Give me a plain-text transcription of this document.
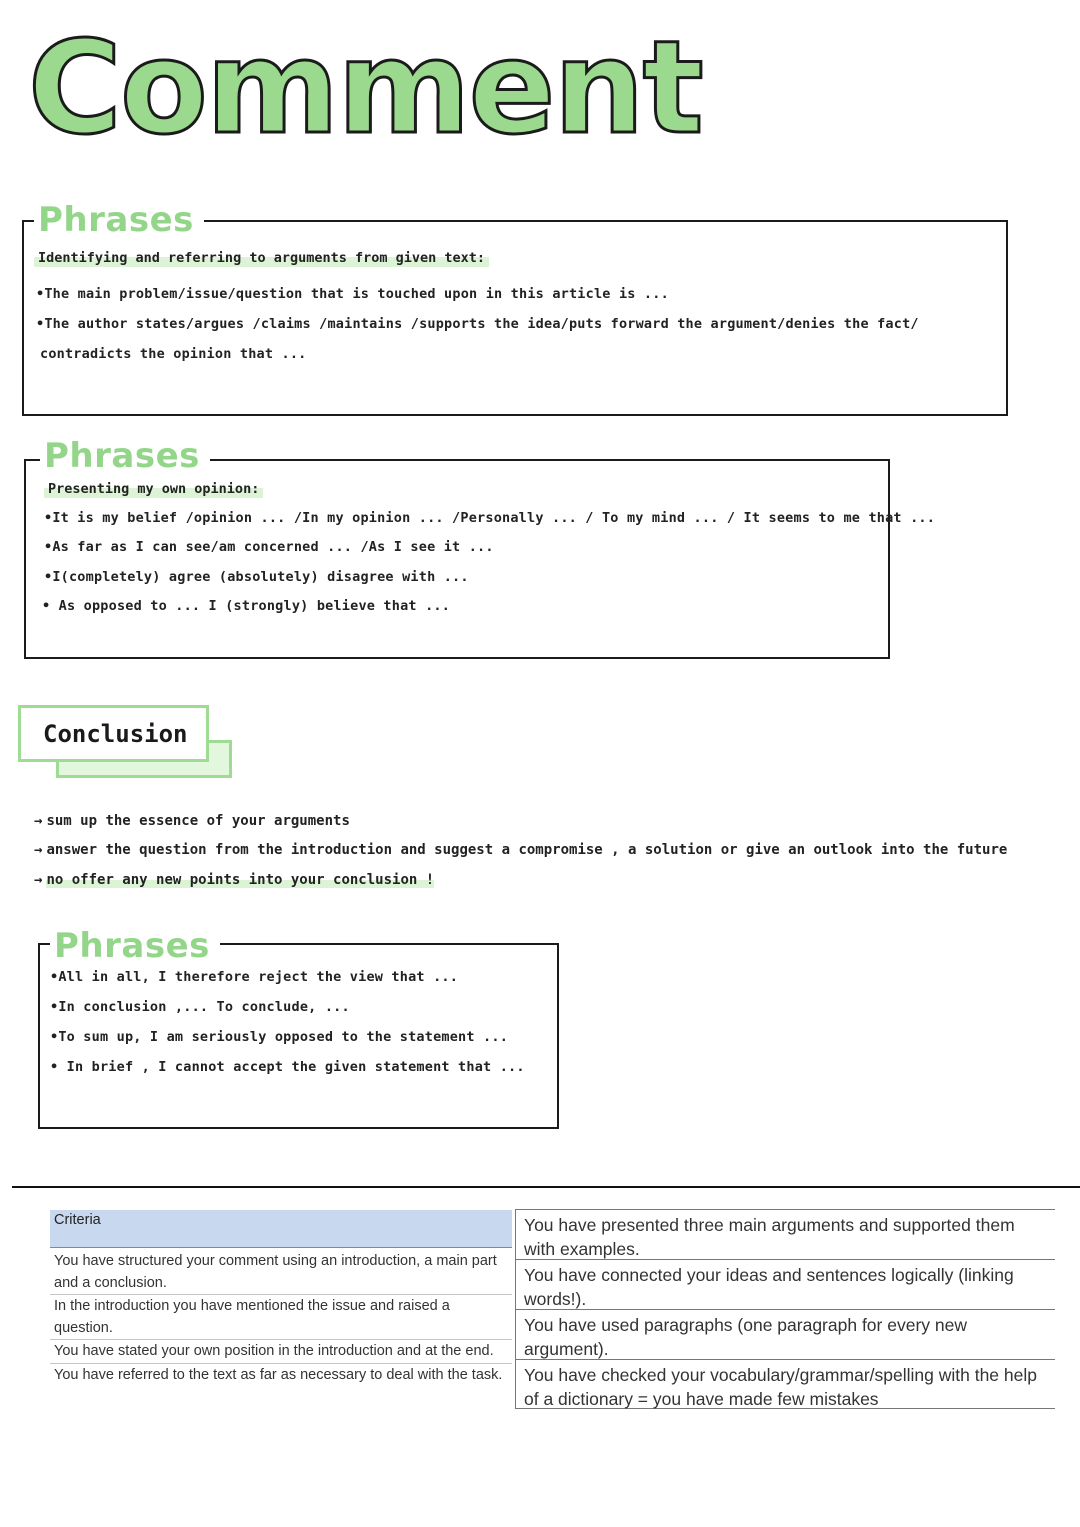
Comment
Phrases
Identifying and referring to arguments from given text:
•The main problem/issue/question that is touched upon in this article is ...
•The author states/argues /claims /maintains /supports the idea/puts forward the argument/denies the fact/
contradicts the opinion that ...
Phrases
Presenting my own opinion:
•It is my belief /opinion ... /In my opinion ... /Personally ... / To my mind ... / It seems to me that ...
•As far as I can see/am concerned ... /As I see it ...
•I(completely) agree (absolutely) disagree with ...
• As opposed to ... I (strongly) believe that ...
Conclusion
→ sum up the essence of your arguments
→ answer the question from the introduction and suggest a compromise , a solution or give an outlook into the future
→ no offer any new points into your conclusion !
Phrases
•All in all, I therefore reject the view that ...
•In conclusion ,... To conclude, ...
•To sum up, I am seriously opposed to the statement ...
• In brief , I cannot accept the given statement that ...
Criteria
You have structured your comment using an introduction, a main part and a conclusion.
In the introduction you have mentioned the issue and raised a question.
You have stated your own position in the introduction and at the end.
You have referred to the text as far as necessary to deal with the task.
You have presented three main arguments and supported them with examples.
You have connected your ideas and sentences logically (linking words!).
You have used paragraphs (one paragraph for every new argument).
You have checked your vocabulary/grammar/spelling with the help of a dictionary = you have made few mistakes
